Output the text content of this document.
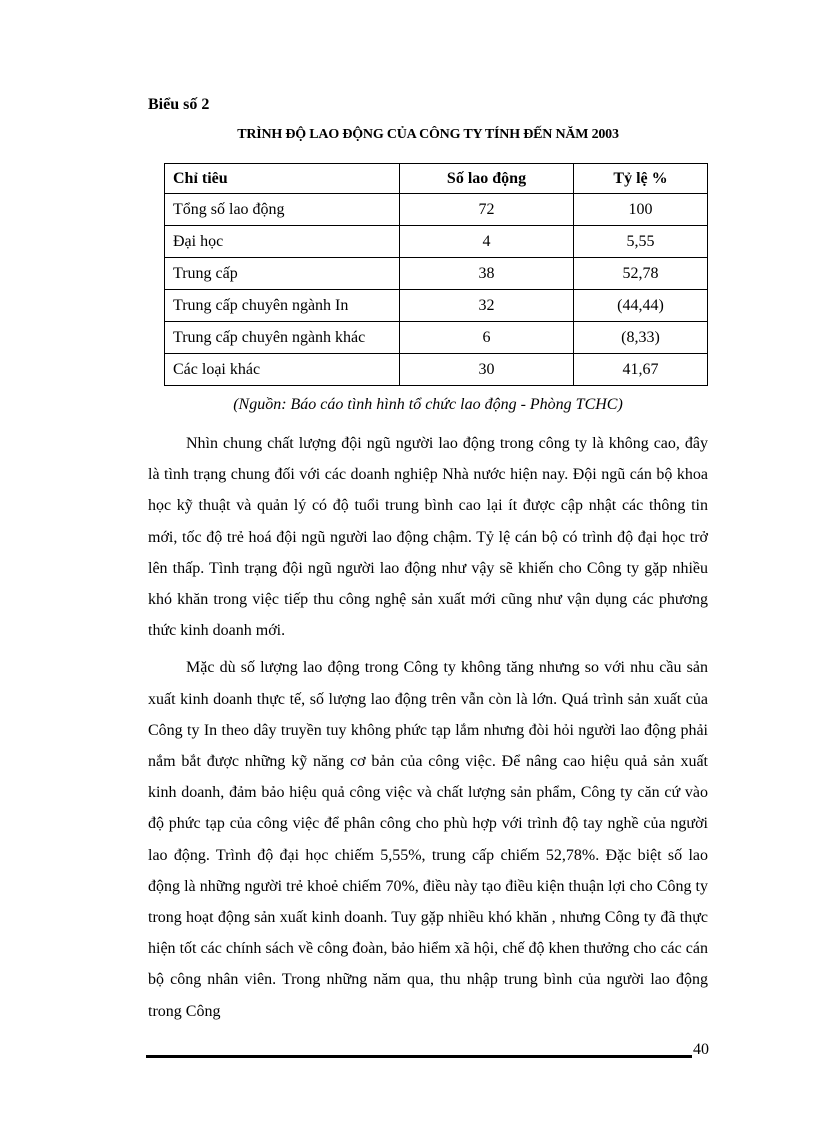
Biểu số 2
TRÌNH ĐỘ LAO ĐỘNG CỦA CÔNG TY TÍNH ĐẾN NĂM 2003
Chỉ tiêu	Số lao động	Tỷ lệ %
Tổng số lao động	72	100
Đại học	4	5,55
Trung cấp	38	52,78
Trung cấp chuyên ngành In	32	(44,44)
Trung cấp chuyên ngành khác	6	(8,33)
Các loại khác	30	41,67
(Nguồn: Báo cáo tình hình tổ chức lao động - Phòng TCHC)

Nhìn chung chất lượng đội ngũ người lao động trong công ty là không cao, đây là tình trạng chung đối với các doanh nghiệp Nhà nước hiện nay. Đội ngũ cán bộ khoa học kỹ thuật và quản lý có độ tuổi trung bình cao lại ít được cập nhật các thông tin mới, tốc độ trẻ hoá đội ngũ người lao động chậm. Tỷ lệ cán bộ có trình độ đại học trở lên thấp. Tình trạng đội ngũ người lao động như vậy sẽ khiến cho Công ty gặp nhiều khó khăn trong việc tiếp thu công nghệ sản xuất mới cũng như vận dụng các phương thức kinh doanh mới.

Mặc dù số lượng lao động trong Công ty không tăng nhưng so với nhu cầu sản xuất kinh doanh thực tế, số lượng lao động trên vẫn còn là lớn. Quá trình sản xuất của Công ty In theo dây truyền tuy không phức tạp lắm nhưng đòi hỏi người lao động phải nắm bắt được những kỹ năng cơ bản của công việc. Để nâng cao hiệu quả sản xuất kinh doanh, đảm bảo hiệu quả công việc và chất lượng sản phẩm, Công ty căn cứ vào độ phức tạp của công việc để phân công cho phù hợp với trình độ tay nghề của người lao động. Trình độ đại học chiếm 5,55%, trung cấp chiếm 52,78%. Đặc biệt số lao động là những người trẻ khoẻ chiếm 70%, điều này tạo điều kiện thuận lợi cho Công ty trong hoạt động sản xuất kinh doanh. Tuy gặp nhiều khó khăn , nhưng Công ty đã thực hiện tốt các chính sách về công đoàn, bảo hiểm xã hội, chế độ khen thưởng cho các cán bộ công nhân viên. Trong những năm qua, thu nhập trung bình của người lao động trong Công

40
